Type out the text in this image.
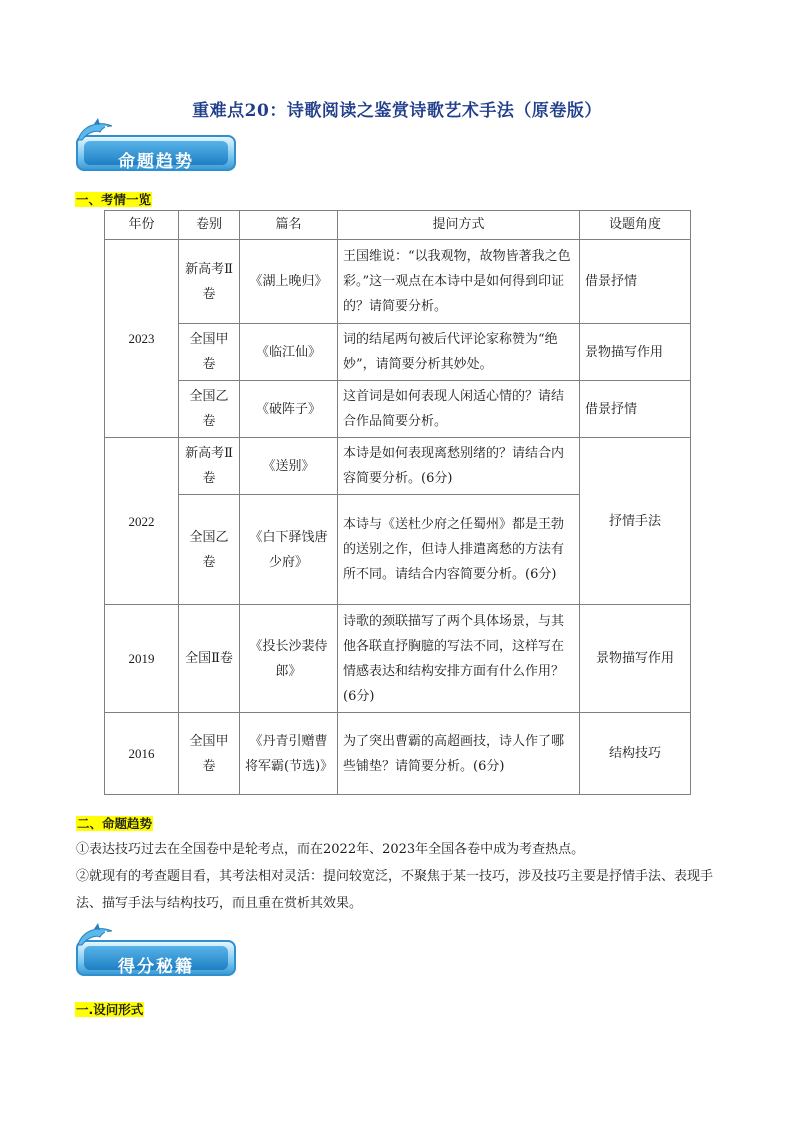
重难点20：诗歌阅读之鉴赏诗歌艺术手法（原卷版）
命题趋势
一、考情一览
年份	卷别	篇名	提问方式	设题角度
2023	新高考Ⅱ卷	《湖上晚归》	王国维说：“以我观物，故物皆著我之色彩。”这一观点在本诗中是如何得到印证的？请简要分析。	借景抒情
	全国甲卷	《临江仙》	词的结尾两句被后代评论家称赞为“绝妙”，请简要分析其妙处。	景物描写作用
	全国乙卷	《破阵子》	这首词是如何表现人闲适心情的？请结合作品简要分析。	借景抒情
2022	新高考Ⅱ卷	《送别》	本诗是如何表现离愁别绪的？请结合内容简要分析。(6分)	抒情手法
	全国乙卷	《白下驿饯唐少府》	本诗与《送杜少府之任蜀州》都是王勃的送别之作，但诗人排遣离愁的方法有所不同。请结合内容简要分析。(6分)	
2019	全国Ⅱ卷	《投长沙裴侍郎》	诗歌的颈联描写了两个具体场景，与其他各联直抒胸臆的写法不同，这样写在情感表达和结构安排方面有什么作用？(6分)	景物描写作用
2016	全国甲卷	《丹青引赠曹将军霸(节选)》	为了突出曹霸的高超画技，诗人作了哪些铺垫？请简要分析。(6分)	结构技巧
二、命题趋势
①表达技巧过去在全国卷中是轮考点，而在2022年、2023年全国各卷中成为考查热点。
②就现有的考查题目看，其考法相对灵活：提问较宽泛，不聚焦于某一技巧，涉及技巧主要是抒情手法、表现手法、描写手法与结构技巧，而且重在赏析其效果。
得分秘籍
一.设问形式
